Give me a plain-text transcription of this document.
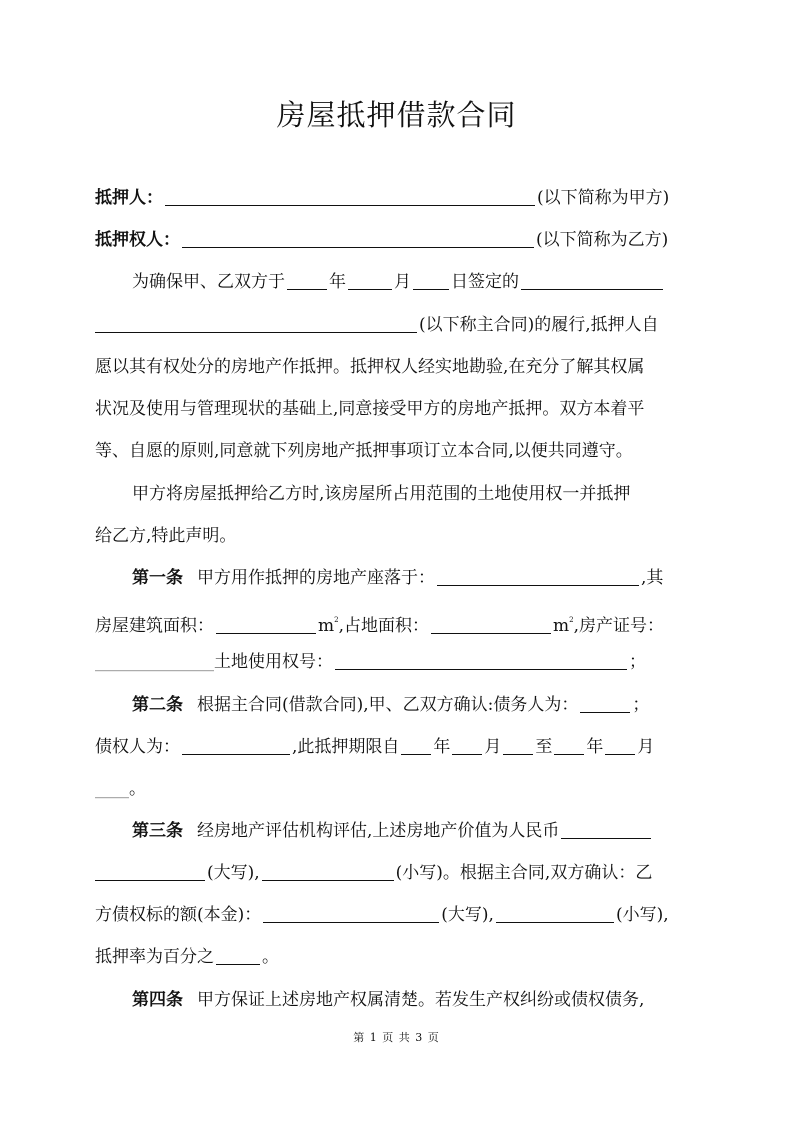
房屋抵押借款合同
抵押人：	(以下简称为甲方)
抵押权人：	(以下简称为乙方)
为确保甲、乙双方于	年	月 日签定的
(以下称主合同)的履行,抵押人自
愿以其有权处分的房地产作抵押。抵押权人经实地勘验,在充分了解其权属
状况及使用与管理现状的基础上,同意接受甲方的房地产抵押。双方本着平
等、自愿的原则,同意就下列房地产抵押事项订立本合同,以便共同遵守。
甲方将房屋抵押给乙方时,该房屋所占用范围的土地使用权一并抵押
给乙方,特此声明。
第一条 甲方用作抵押的房地产座落于：	,其
房屋建筑面积：	$m^2$,占地面积：	$m^2$,房产证号：
______________土地使用权号：	；
第二条 根据主合同(借款合同),甲、乙双方确认:债务人为：	；
债权人为：	,此抵押期限自 年 月 至 年 月
____。
第三条 经房地产评估机构评估,上述房地产价值为人民币
(大写),	(小写)。根据主合同,双方确认：乙
方债权标的额(本金)：	(大写),	(小写),
抵押率为百分之	。
第四条 甲方保证上述房地产权属清楚。若发生产权纠纷或债权债务,
第 1 页 共 3 页
